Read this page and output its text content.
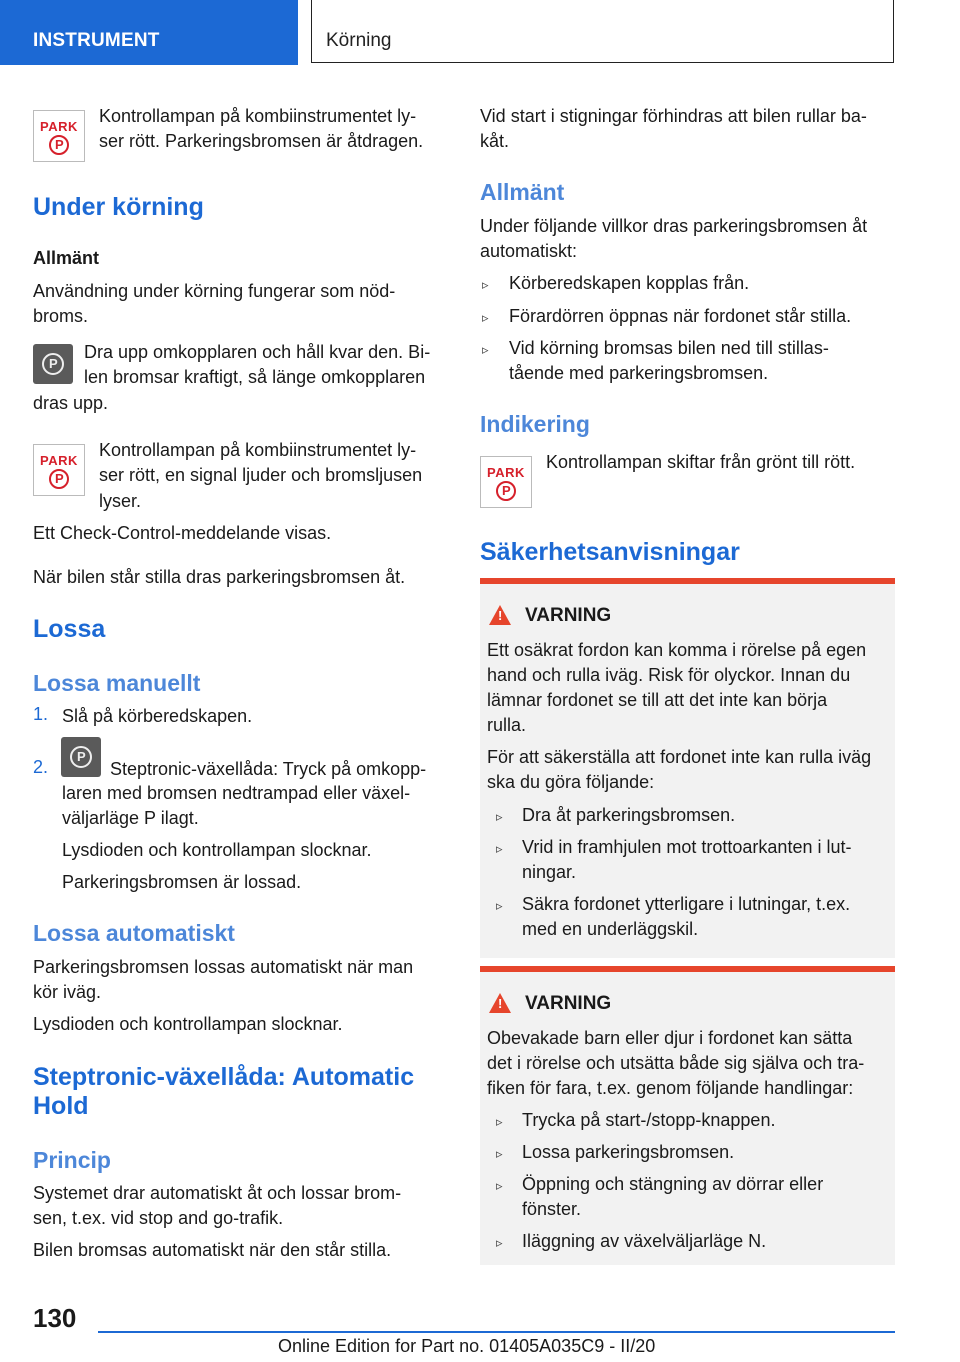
INSTRUMENT	Körning
PARK
P
Kontrollampan på kombiinstrumentet ly-
ser rött. Parkeringsbromsen är åtdragen.
Under körning
Allmänt
Användning under körning fungerar som nöd-
broms.
P
Dra upp omkopplaren och håll kvar den. Bi-
len bromsar kraftigt, så länge omkopplaren
dras upp.
PARK
P
Kontrollampan på kombiinstrumentet ly-
ser rött, en signal ljuder och bromsljusen
lyser.
Ett Check-Control-meddelande visas.
När bilen står stilla dras parkeringsbromsen åt.
Lossa
Lossa manuellt
1. Slå på körberedskapen.
2.
P	Steptronic-växellåda: Tryck på omkopp-
laren med bromsen nedtrampad eller växel-
väljarläge P ilagt.
Lysdioden och kontrollampan slocknar.
Parkeringsbromsen är lossad.
Lossa automatiskt
Parkeringsbromsen lossas automatiskt när man
kör iväg.
Lysdioden och kontrollampan slocknar.
Steptronic-växellåda: Automatic
Hold
Princip
Systemet drar automatiskt åt och lossar brom-
sen, t.ex. vid stop and go-trafik.
Bilen bromsas automatiskt när den står stilla.
Vid start i stigningar förhindras att bilen rullar ba-
kåt.
Allmänt
Under följande villkor dras parkeringsbromsen åt
automatiskt:
▹ Körberedskapen kopplas från.
▹ Förardörren öppnas när fordonet står stilla.
▹ Vid körning bromsas bilen ned till stillas-
tående med parkeringsbromsen.
Indikering
PARK
P
Kontrollampan skiftar från grönt till rött.
Säkerhetsanvisningar
!
VARNING
Ett osäkrat fordon kan komma i rörelse på egen
hand och rulla iväg. Risk för olyckor. Innan du
lämnar fordonet se till att det inte kan börja
rulla.
För att säkerställa att fordonet inte kan rulla iväg
ska du göra följande:
▹ Dra åt parkeringsbromsen.
▹ Vrid in framhjulen mot trottoarkanten i lut-
ningar.
▹ Säkra fordonet ytterligare i lutningar, t.ex.
med en underläggskil.
!
VARNING
Obevakade barn eller djur i fordonet kan sätta
det i rörelse och utsätta både sig själva och tra-
fiken för fara, t.ex. genom följande handlingar:
▹ Trycka på start-/stopp-knappen.
▹ Lossa parkeringsbromsen.
▹ Öppning och stängning av dörrar eller
fönster.
▹ Iläggning av växelväljarläge N.
130
Online Edition for Part no. 01405A035C9 - II/20
